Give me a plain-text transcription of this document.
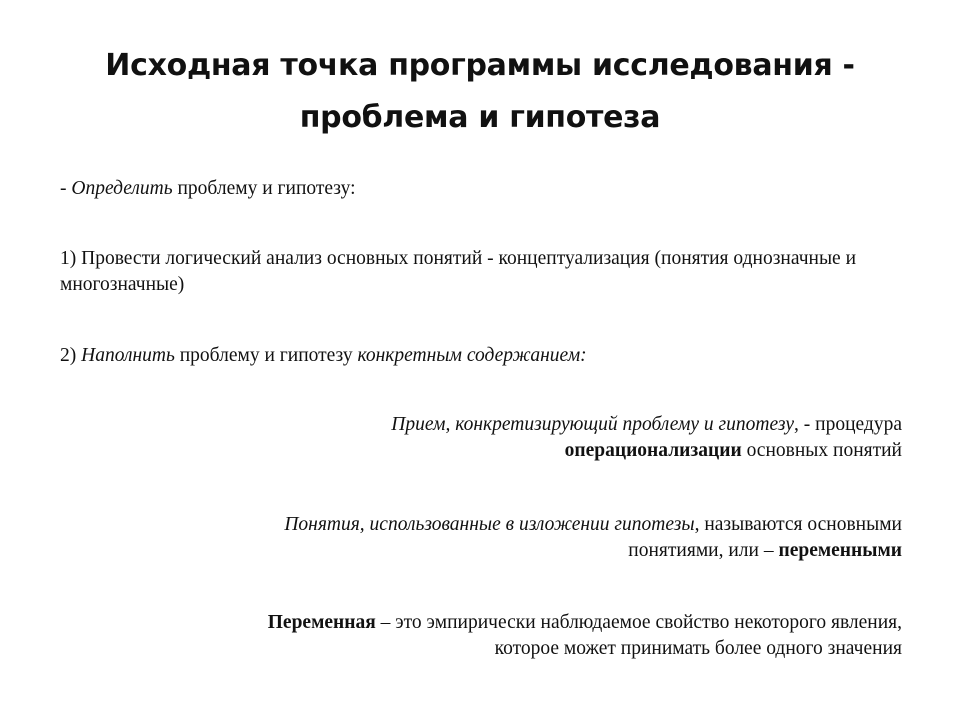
Исходная точка программы исследования -
проблема и гипотеза

- Определить проблему и гипотезу:

1) Провести логический анализ основных понятий - концептуализация (понятия однозначные и многозначные)

2) Наполнить проблему и гипотезу конкретным содержанием:

Прием, конкретизирующий проблему и гипотезу, - процедура
операционализации основных понятий

Понятия, использованные в изложении гипотезы, называются основными
понятиями, или – переменными

Переменная – это эмпирически наблюдаемое свойство некоторого явления,
которое может принимать более одного значения
